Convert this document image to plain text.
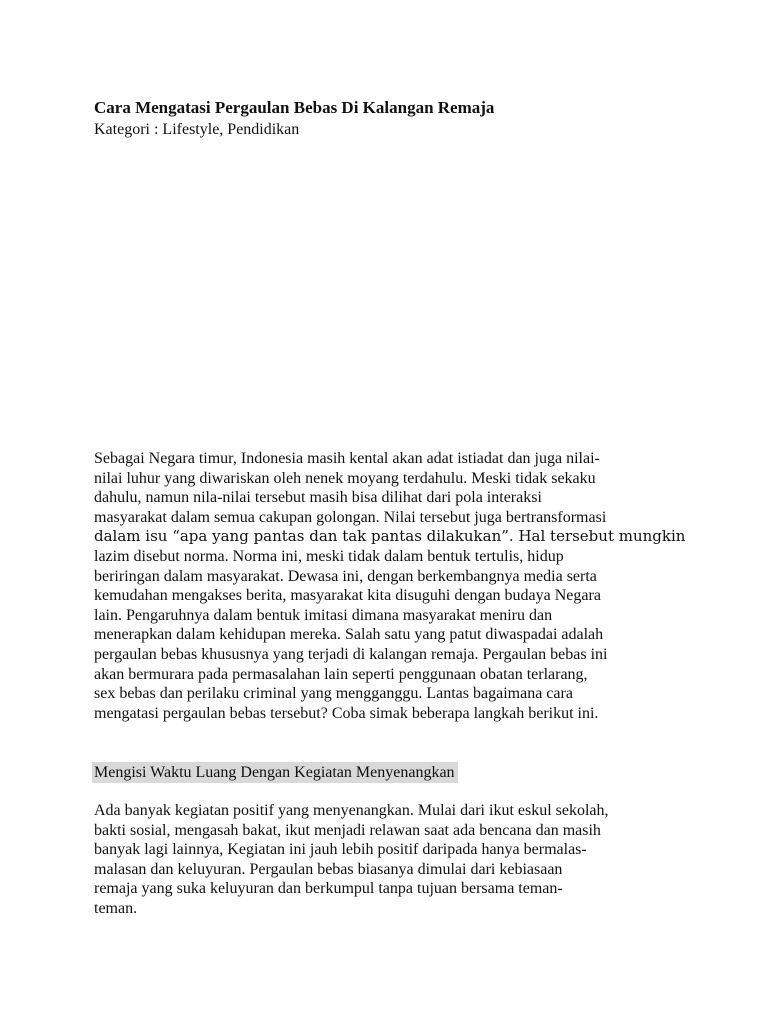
Cara Mengatasi Pergaulan Bebas Di Kalangan Remaja
Kategori : Lifestyle, Pendidikan
Sebagai Negara timur, Indonesia masih kental akan adat istiadat dan juga nilai-
nilai luhur yang diwariskan oleh nenek moyang terdahulu. Meski tidak sekaku
dahulu, namun nila-nilai tersebut masih bisa dilihat dari pola interaksi
masyarakat dalam semua cakupan golongan. Nilai tersebut juga bertransformasi
dalam isu “apa yang pantas dan tak pantas dilakukan”. Hal tersebut mungkin
lazim disebut norma. Norma ini, meski tidak dalam bentuk tertulis, hidup
beriringan dalam masyarakat. Dewasa ini, dengan berkembangnya media serta
kemudahan mengakses berita, masyarakat kita disuguhi dengan budaya Negara
lain. Pengaruhnya dalam bentuk imitasi dimana masyarakat meniru dan
menerapkan dalam kehidupan mereka. Salah satu yang patut diwaspadai adalah
pergaulan bebas khususnya yang terjadi di kalangan remaja. Pergaulan bebas ini
akan bermurara pada permasalahan lain seperti penggunaan obatan terlarang,
sex bebas dan perilaku criminal yang mengganggu. Lantas bagaimana cara
mengatasi pergaulan bebas tersebut? Coba simak beberapa langkah berikut ini.
Mengisi Waktu Luang Dengan Kegiatan Menyenangkan
Ada banyak kegiatan positif yang menyenangkan. Mulai dari ikut eskul sekolah,
bakti sosial, mengasah bakat, ikut menjadi relawan saat ada bencana dan masih
banyak lagi lainnya, Kegiatan ini jauh lebih positif daripada hanya bermalas-
malasan dan keluyuran. Pergaulan bebas biasanya dimulai dari kebiasaan
remaja yang suka keluyuran dan berkumpul tanpa tujuan bersama teman-
teman.
